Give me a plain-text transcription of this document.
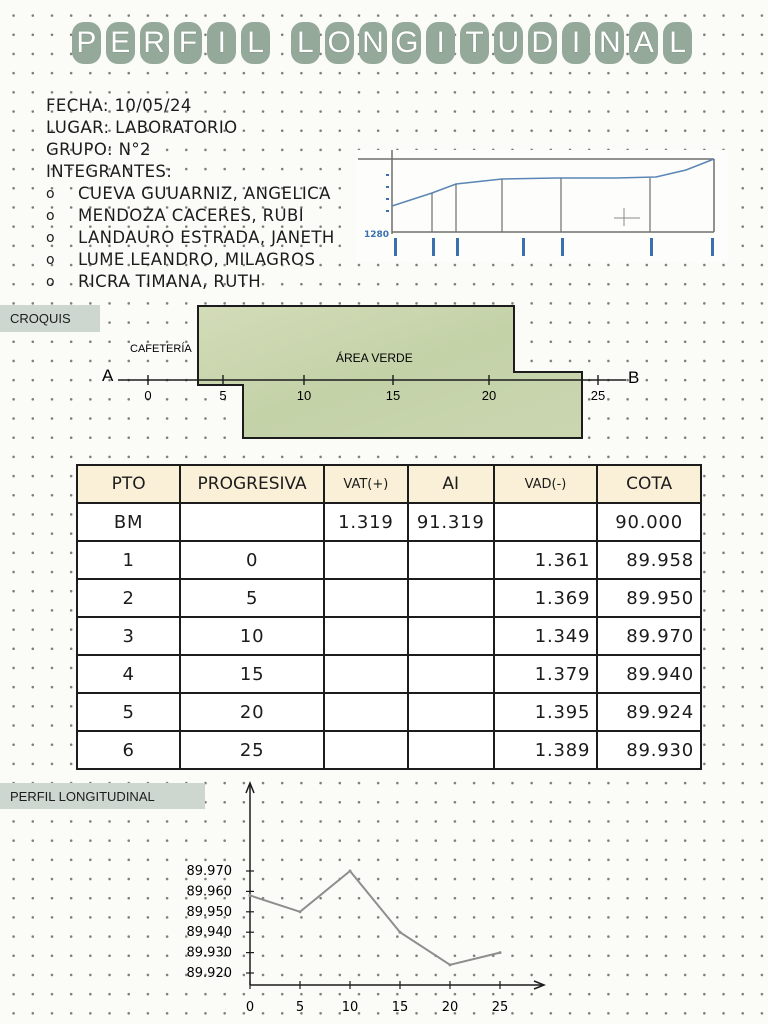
P E R F I L L O N G I T U D I N A L
FECHA: 10/05/24
LUGAR: LABORATORIO
GRUPO: N°2
INTEGRANTES:
o	CUEVA GUUARNIZ, ANGELICA
o	MENDOZA CACERES, RUBI
o	LANDAURO ESTRADA, JANETH
o	LUME LEANDRO, MILAGROS
o	RICRA TIMANA, RUTH
1280
CROQUIS
CAFETERÍA
ÁREA VERDE
A	B
0	5	10	15	20	25
PTO	PROGRESIVA	VAT(+)	AI	VAD(-)	COTA
BM		1.319	91.319		90.000
1	0			1.361	89.958
2	5			1.369	89.950
3	10			1.349	89.970
4	15			1.379	89.940
5	20			1.395	89.924
6	25			1.389	89.930
PERFIL LONGITUDINAL
89.970
89.960
89.950
89.940
89.930
89.920
0	5	10	15	20	25
